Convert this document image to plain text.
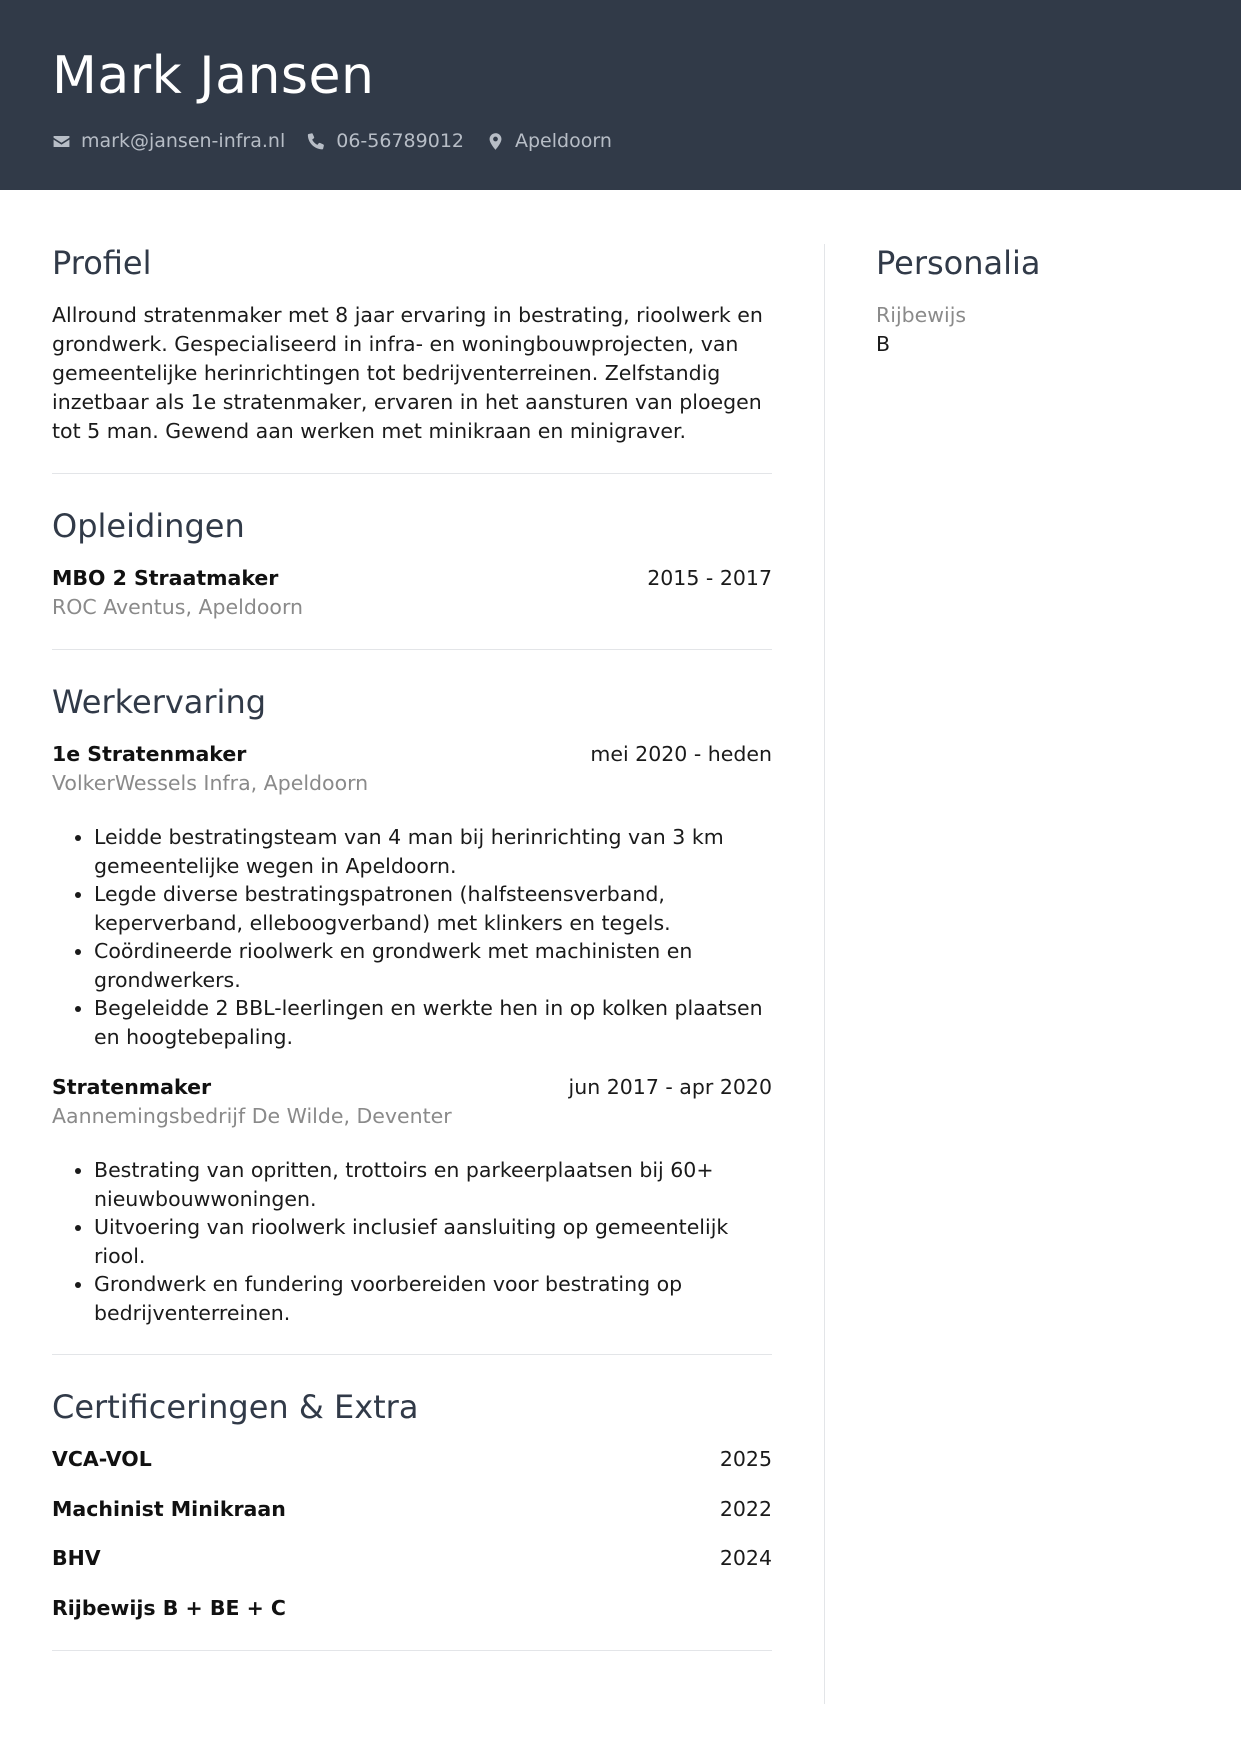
Mark Jansen
mark@jansen-infra.nl	06-56789012	Apeldoorn
Profiel

Allround stratenmaker met 8 jaar ervaring in bestrating, rioolwerk en grondwerk. Gespecialiseerd in infra- en woningbouwprojecten, van gemeentelijke herinrichtingen tot bedrijventerreinen. Zelfstandig inzetbaar als 1e stratenmaker, ervaren in het aansturen van ploegen tot 5 man. Gewend aan werken met minikraan en minigraver.

Opleidingen
MBO 2 Straatmaker	2015 - 2017
ROC Aventus, Apeldoorn
Werkervaring
1e Stratenmaker	mei 2020 - heden
VolkerWessels Infra, Apeldoorn
• Leidde bestratingsteam van 4 man bij herinrichting van 3 km gemeentelijke wegen in Apeldoorn.
• Legde diverse bestratingspatronen (halfsteensverband, keperverband, elleboogverband) met klinkers en tegels.
• Coördineerde rioolwerk en grondwerk met machinisten en grondwerkers.
• Begeleidde 2 BBL-leerlingen en werkte hen in op kolken plaatsen en hoogtebepaling.
Stratenmaker	jun 2017 - apr 2020
Aannemingsbedrijf De Wilde, Deventer
• Bestrating van opritten, trottoirs en parkeerplaatsen bij 60+ nieuwbouwwoningen.
• Uitvoering van rioolwerk inclusief aansluiting op gemeentelijk riool.
• Grondwerk en fundering voorbereiden voor bestrating op bedrijventerreinen.
Certificeringen & Extra
VCA-VOL	2025
Machinist Minikraan	2022
BHV	2024
Rijbewijs B + BE + C
Personalia
Rijbewijs
B
